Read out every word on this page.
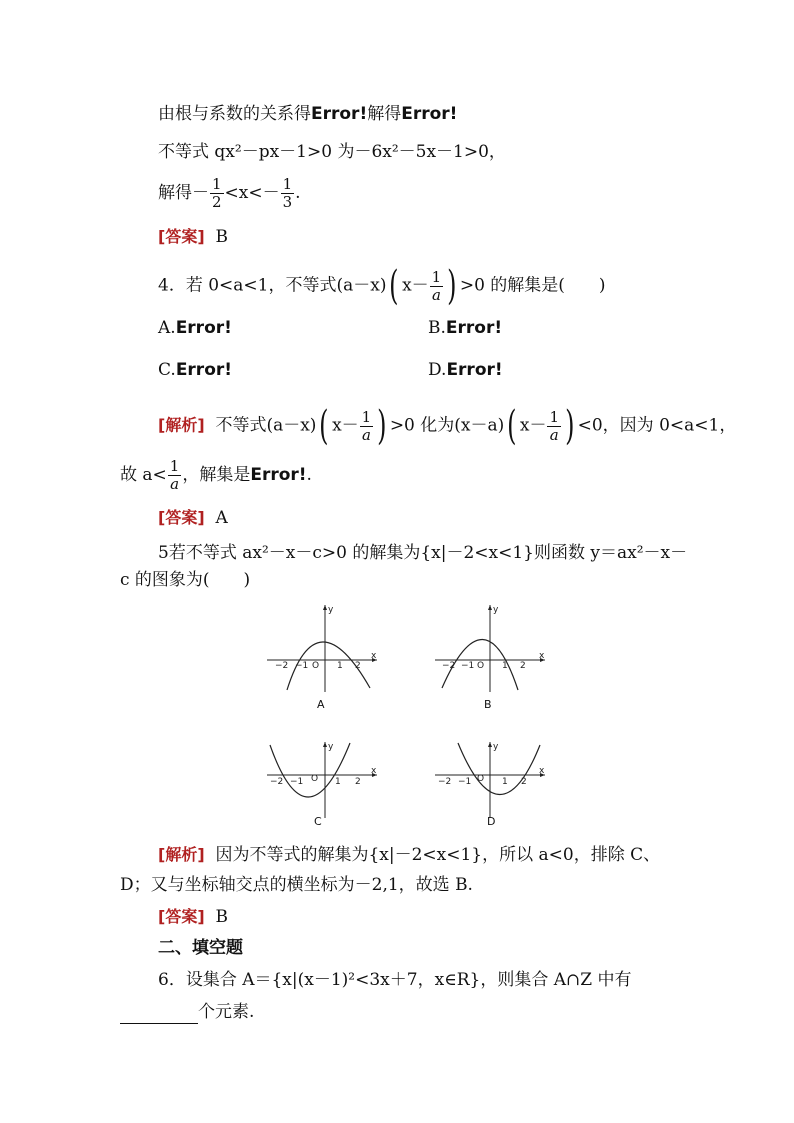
由根与系数的关系得Error!解得Error!
不等式 qx²－px－1>0 为－6x²－5x－1>0，
解得－ $\frac{1}{2} <x<- \frac{1}{3}$ .
[答案] B
4．若 0<a<1，不等式(a－x)( $x- \frac{1}{a}$ ) >0 的解集是(　　)
A.Error!	B.Error!
C.Error!	D.Error!
[解析] 不等式(a－x)( $x- \frac{1}{a}$ ) >0 化为(x－a)( $x- \frac{1}{a}$ ) <0，因为 0<a<1，
故 $a< \frac{1}{a}$ ，解集是Error!.
[答案] A
5若不等式 ax²－x－c>0 的解集为{x|－2<x<1}则函数 y＝ax²－x－
c 的图象为(　　)
y
x
O
−2 −1	1 2
A
y
x
O
−2 −1	1 2
B
y
x
O
−2 −1	1 2
C
y
x
O
−2 −1	1 2
D
[解析] 因为不等式的解集为{x|－2<x<1}，所以 a<0，排除 C、
D；又与坐标轴交点的横坐标为－2,1，故选 B.
[答案] B
二、填空题
6．设集合 A＝{x|(x－1)²<3x＋7，x∈R}，则集合 A∩Z 中有
个元素.
